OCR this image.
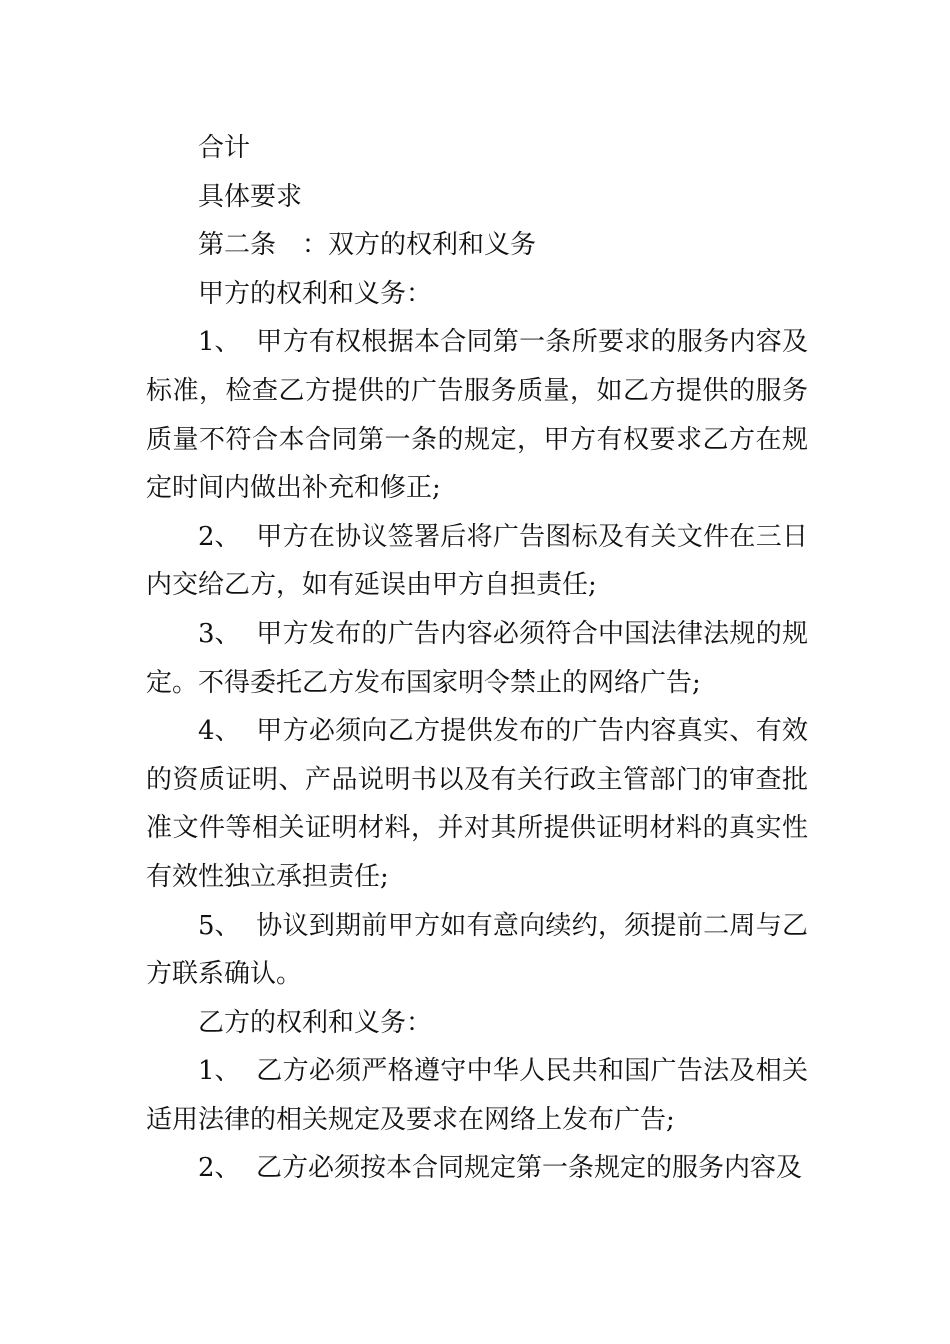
合计

具体要求

第二条　：双方的权利和义务

甲方的权利和义务：

1、 甲方有权根据本合同第一条所要求的服务内容及标准，检查乙方提供的广告服务质量，如乙方提供的服务质量不符合本合同第一条的规定，甲方有权要求乙方在规定时间内做出补充和修正;

2、 甲方在协议签署后将广告图标及有关文件在三日内交给乙方，如有延误由甲方自担责任;

3、 甲方发布的广告内容必须符合中国法律法规的规定。不得委托乙方发布国家明令禁止的网络广告;

4、 甲方必须向乙方提供发布的广告内容真实、有效的资质证明、产品说明书以及有关行政主管部门的审查批准文件等相关证明材料，并对其所提供证明材料的真实性有效性独立承担责任;

5、 协议到期前甲方如有意向续约，须提前二周与乙方联系确认。

乙方的权利和义务：

1、 乙方必须严格遵守中华人民共和国广告法及相关适用法律的相关规定及要求在网络上发布广告;

2、 乙方必须按本合同规定第一条规定的服务内容及
